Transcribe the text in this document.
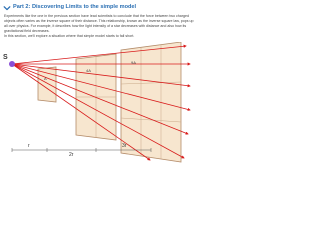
Part 2: Discovering Limits to the simple model

Experiments like the one in the previous section have lead scientists to conclude that the force between two charged objects often varies as the inverse square of their distance. This relationship, known as the inverse square law, pops up all over physics. For example, it describes how the light intensity of a star decreases with distance and also how its gravitational field decreases.

In this section, we'll explore a situation where that simple model starts to fall short.

S
A
4A
9A
r
2r
3r
